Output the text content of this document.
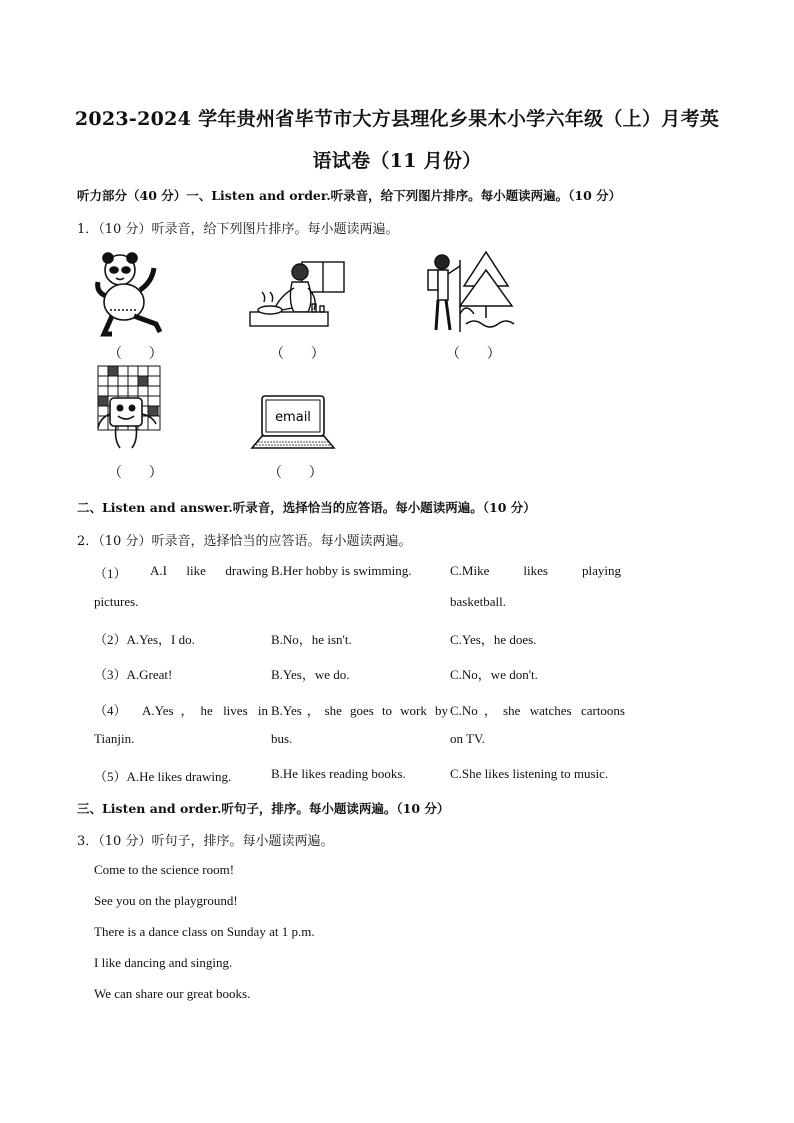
2023-2024 学年贵州省毕节市大方县理化乡果木小学六年级（上）月考英
语试卷（11 月份）
听力部分（40 分）一、Listen and order.听录音，给下列图片排序。每小题读两遍。（10 分）
1．（10 分）听录音，给下列图片排序。每小题读两遍。
（      ）	（      ）	（      ）
（      ）
email
（      ）
二、Listen and answer.听录音，选择恰当的应答语。每小题读两遍。（10 分）
2．（10 分）听录音，选择恰当的应答语。每小题读两遍。
（1） A.I like drawing
pictures.
B.Her hobby is swimming.	C.Mike likes playing
basketball.
（2）A.Yes，I do.	B.No，he isn't.	C.Yes，he does.
（3）A.Great!	B.Yes，we do.	C.No，we don't.
（4） A.Yes，he lives in
Tianjin.
B.Yes，she goes to work by
bus.
C.No，she watches cartoons
on TV.
（5）A.He likes drawing.	B.He likes reading books.	C.She likes listening to music.
三、Listen and order.听句子，排序。每小题读两遍。（10 分）
3．（10 分）听句子，排序。每小题读两遍。
Come to the science room!
See you on the playground!
There is a dance class on Sunday at 1 p.m.
I like dancing and singing.
We can share our great books.
